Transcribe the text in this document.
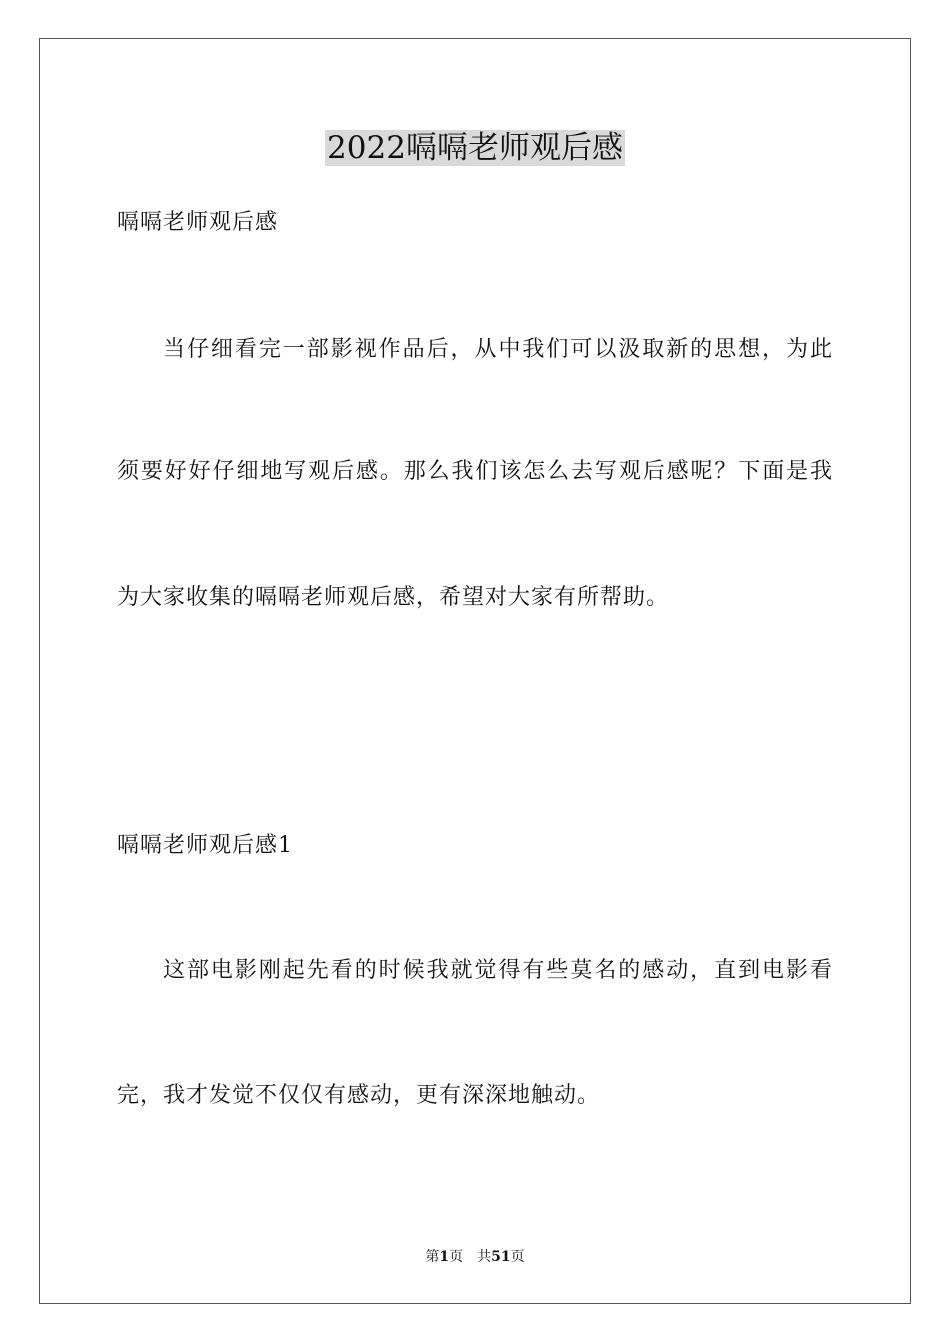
2022嗝嗝老师观后感
嗝嗝老师观后感
当仔细看完一部影视作品后，从中我们可以汲取新的思想，为此
须要好好仔细地写观后感。那么我们该怎么去写观后感呢？下面是我
为大家收集的嗝嗝老师观后感，希望对大家有所帮助。
嗝嗝老师观后感1
这部电影刚起先看的时候我就觉得有些莫名的感动，直到电影看
完，我才发觉不仅仅有感动，更有深深地触动。
第1页 共51页
